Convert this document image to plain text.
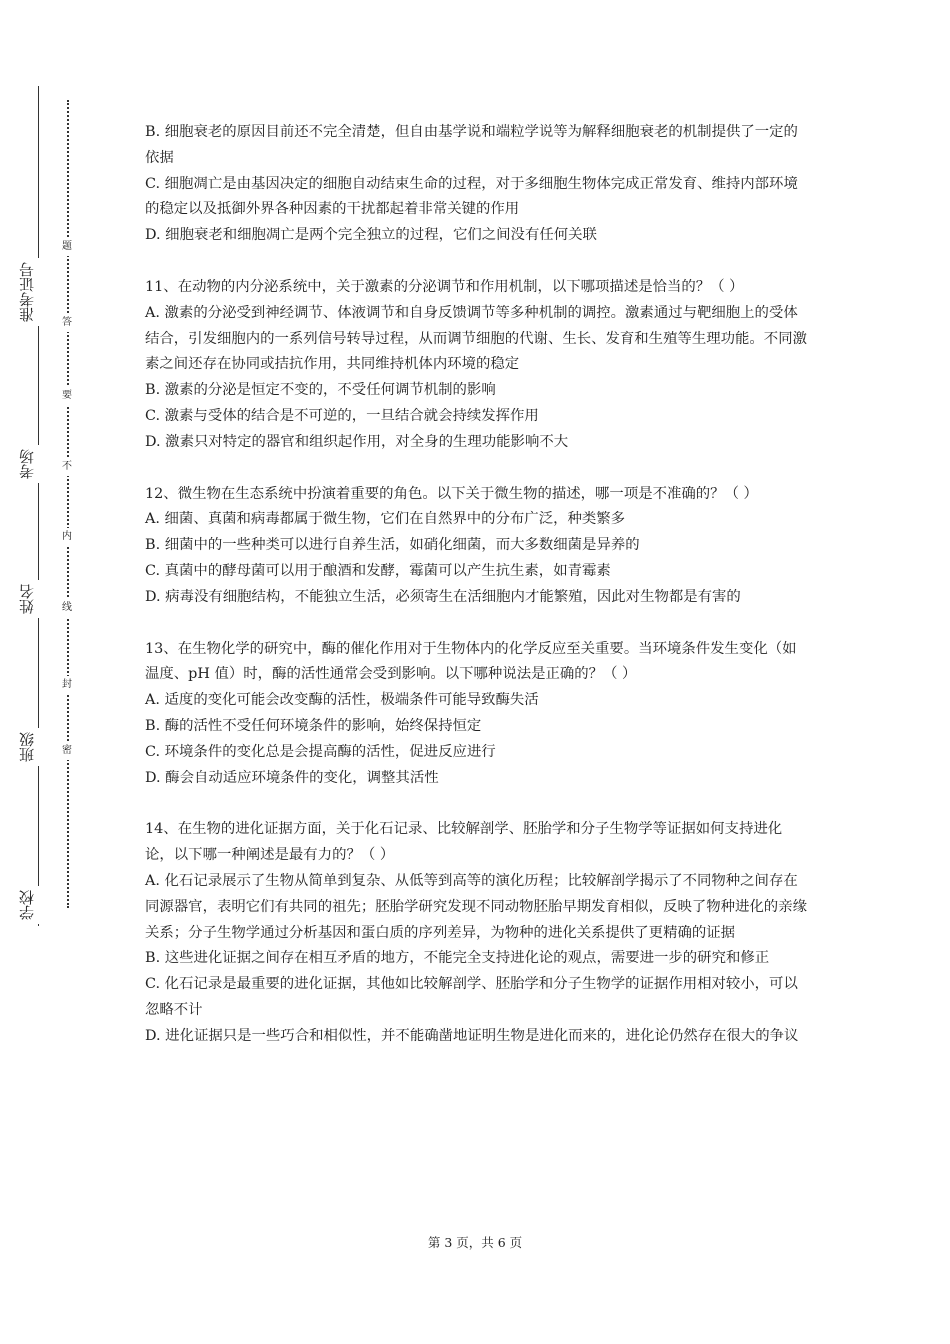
准考证号
考场
姓名
班级
学校
密
封
线
内
不
要
答
题

B. 细胞衰老的原因目前还不完全清楚，但自由基学说和端粒学说等为解释细胞衰老的机制提供了一定的依据

C. 细胞凋亡是由基因决定的细胞自动结束生命的过程，对于多细胞生物体完成正常发育、维持内部环境的稳定以及抵御外界各种因素的干扰都起着非常关键的作用

D. 细胞衰老和细胞凋亡是两个完全独立的过程，它们之间没有任何关联

11、在动物的内分泌系统中，关于激素的分泌调节和作用机制，以下哪项描述是恰当的？（ ）

A. 激素的分泌受到神经调节、体液调节和自身反馈调节等多种机制的调控。激素通过与靶细胞上的受体结合，引发细胞内的一系列信号转导过程，从而调节细胞的代谢、生长、发育和生殖等生理功能。不同激素之间还存在协同或拮抗作用，共同维持机体内环境的稳定

B. 激素的分泌是恒定不变的，不受任何调节机制的影响

C. 激素与受体的结合是不可逆的，一旦结合就会持续发挥作用

D. 激素只对特定的器官和组织起作用，对全身的生理功能影响不大

12、微生物在生态系统中扮演着重要的角色。以下关于微生物的描述，哪一项是不准确的？（ ）

A. 细菌、真菌和病毒都属于微生物，它们在自然界中的分布广泛，种类繁多

B. 细菌中的一些种类可以进行自养生活，如硝化细菌，而大多数细菌是异养的

C. 真菌中的酵母菌可以用于酿酒和发酵，霉菌可以产生抗生素，如青霉素

D. 病毒没有细胞结构，不能独立生活，必须寄生在活细胞内才能繁殖，因此对生物都是有害的

13、在生物化学的研究中，酶的催化作用对于生物体内的化学反应至关重要。当环境条件发生变化（如温度、pH 值）时，酶的活性通常会受到影响。以下哪种说法是正确的？（ ）

A. 适度的变化可能会改变酶的活性，极端条件可能导致酶失活

B. 酶的活性不受任何环境条件的影响，始终保持恒定

C. 环境条件的变化总是会提高酶的活性，促进反应进行

D. 酶会自动适应环境条件的变化，调整其活性

14、在生物的进化证据方面，关于化石记录、比较解剖学、胚胎学和分子生物学等证据如何支持进化论，以下哪一种阐述是最有力的？（ ）

A. 化石记录展示了生物从简单到复杂、从低等到高等的演化历程；比较解剖学揭示了不同物种之间存在同源器官，表明它们有共同的祖先；胚胎学研究发现不同动物胚胎早期发育相似，反映了物种进化的亲缘关系；分子生物学通过分析基因和蛋白质的序列差异，为物种的进化关系提供了更精确的证据

B. 这些进化证据之间存在相互矛盾的地方，不能完全支持进化论的观点，需要进一步的研究和修正

C. 化石记录是最重要的进化证据，其他如比较解剖学、胚胎学和分子生物学的证据作用相对较小，可以忽略不计

D. 进化证据只是一些巧合和相似性，并不能确凿地证明生物是进化而来的，进化论仍然存在很大的争议

第 3 页，共 6 页
